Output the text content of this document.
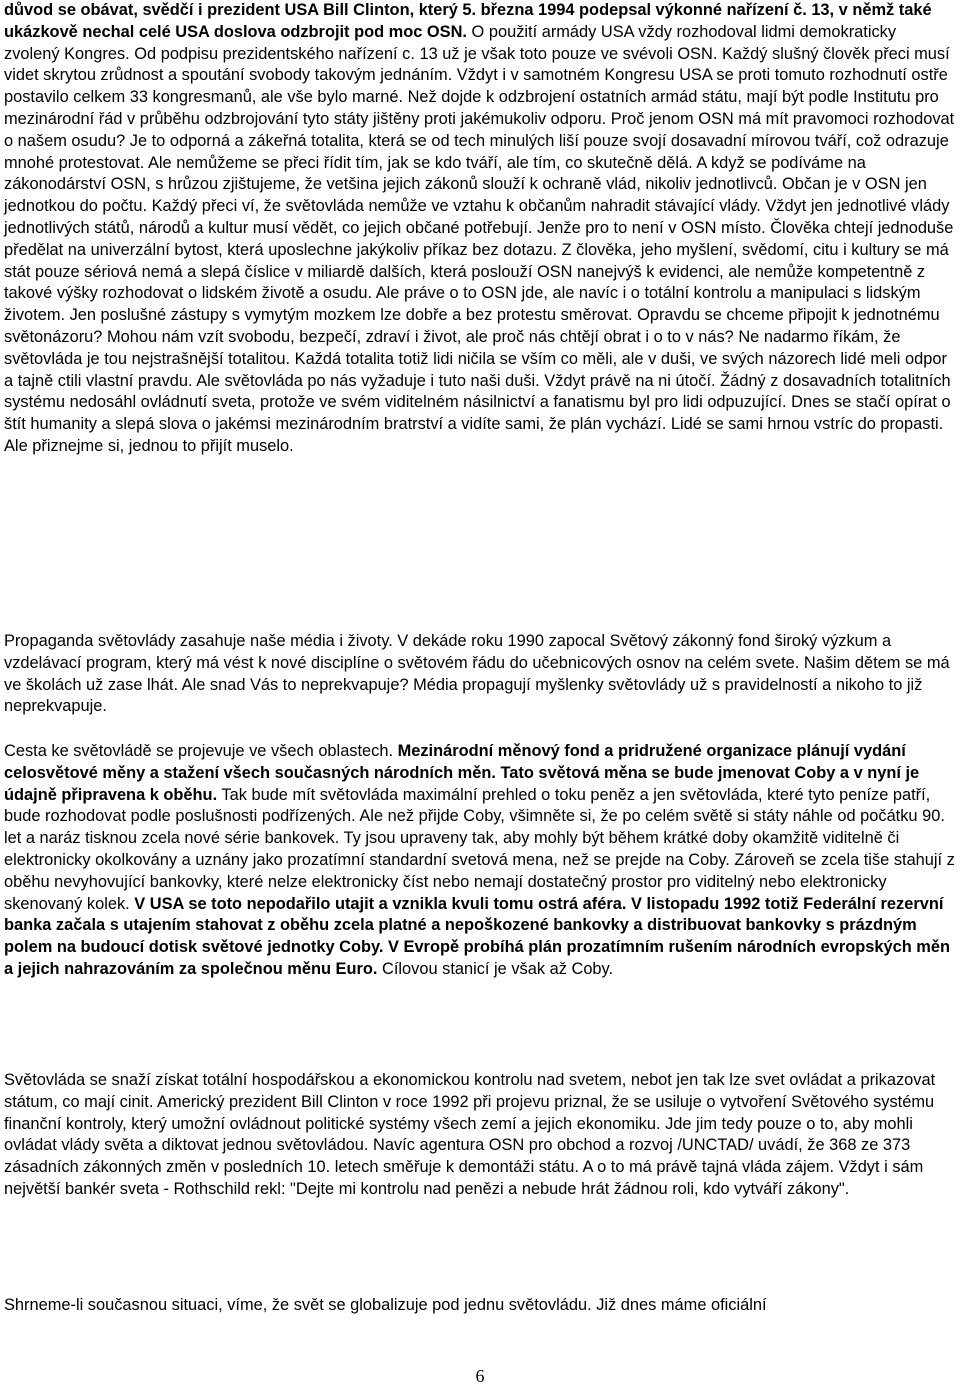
důvod se obávat, svědčí i prezident USA Bill Clinton, který 5. března 1994 podepsal výkonné nařízení č. 13, v němž také ukázkově nechal celé USA doslova odzbrojit pod moc OSN. O použití armády USA vždy rozhodoval lidmi demokraticky zvolený Kongres. Od podpisu prezidentského nařízení c. 13 už je však toto pouze ve svévoli OSN. Každý slušný člověk přeci musí videt skrytou zrůdnost a spoutání svobody takovým jednáním. Vždyt i v samotném Kongresu USA se proti tomuto rozhodnutí ostře postavilo celkem 33 kongresmanů, ale vše bylo marné. Než dojde k odzbrojení ostatních armád státu, mají být podle Institutu pro mezinárodní řád v průběhu odzbrojování tyto státy jištěny proti jakémukoliv odporu. Proč jenom OSN má mít pravomoci rozhodovat o našem osudu? Je to odporná a zákeřná totalita, která se od tech minulých liší pouze svojí dosavadní mírovou tváří, což odrazuje mnohé protestovat. Ale nemůžeme se přeci řídit tím, jak se kdo tváří, ale tím, co skutečně dělá. A když se podíváme na zákonodárství OSN, s hrůzou zjištujeme, že vetšina jejich zákonů slouží k ochraně vlád, nikoliv jednotlivců. Občan je v OSN jen jednotkou do počtu. Každý přeci ví, že světovláda nemůže ve vztahu k občanům nahradit stávající vlády. Vždyt jen jednotlivé vlády jednotlivých států, národů a kultur musí vědět, co jejich občané potřebují. Jenže pro to není v OSN místo. Člověka chtejí jednoduše předělat na univerzální bytost, která uposlechne jakýkoliv příkaz bez dotazu. Z člověka, jeho myšlení, svědomí, citu i kultury se má stát pouze sériová nemá a slepá číslice v miliardě dalších, která poslouží OSN nanejvýš k evidenci, ale nemůže kompetentně z takové výšky rozhodovat o lidském životě a osudu. Ale práve o to OSN jde, ale navíc i o totální kontrolu a manipulaci s lidským životem. Jen poslušné zástupy s vymytým mozkem lze dobře a bez protestu směrovat. Opravdu se chceme připojit k jednotnému světonázoru? Mohou nám vzít svobodu, bezpečí, zdraví i život, ale proč nás chtějí obrat i o to v nás? Ne nadarmo říkám, že světovláda je tou nejstrašnější totalitou. Každá totalita totiž lidi ničila se vším co měli, ale v duši, ve svých názorech lidé meli odpor a tajně ctili vlastní pravdu. Ale světovláda po nás vyžaduje i tuto naši duši. Vždyt právě na ni útočí. Žádný z dosavadních totalitních systému nedosáhl ovládnutí sveta, protože ve svém viditelném násilnictví a fanatismu byl pro lidi odpuzující. Dnes se stačí opírat o štít humanity a slepá slova o jakémsi mezinárodním bratrství a vidíte sami, že plán vychází. Lidé se sami hrnou vstríc do propasti. Ale přiznejme si, jednou to přijít muselo.

Propaganda světovlády zasahuje naše média i životy. V dekáde roku 1990 zapocal Světový zákonný fond široký výzkum a vzdelávací program, který má vést k nové disciplíne o světovém řádu do učebnicových osnov na celém svete. Našim dětem se má ve školách už zase lhát. Ale snad Vás to neprekvapuje? Média propagují myšlenky světovlády už s pravidelností a nikoho to již neprekvapuje.

Cesta ke světovládě se projevuje ve všech oblastech. Mezinárodní měnový fond a pridružené organizace plánují vydání celosvětové měny a stažení všech současných národních měn. Tato světová měna se bude jmenovat Coby a v nyní je údajně připravena k oběhu. Tak bude mít světovláda maximální prehled o toku peněz a jen světovláda, které tyto peníze patří, bude rozhodovat podle poslušnosti podřízených. Ale než přijde Coby, všimněte si, že po celém světě si státy náhle od počátku 90. let a naráz tisknou zcela nové série bankovek. Ty jsou upraveny tak, aby mohly být během krátké doby okamžitě viditelně či elektronicky okolkovány a uznány jako prozatímní standardní svetová mena, než se prejde na Coby. Zároveň se zcela tiše stahují z oběhu nevyhovující bankovky, které nelze elektronicky číst nebo nemají dostatečný prostor pro viditelný nebo elektronicky skenovaný kolek. V USA se toto nepodařilo utajit a vznikla kvuli tomu ostrá aféra. V listopadu 1992 totiž Federální rezervní banka začala s utajením stahovat z oběhu zcela platné a nepoškozené bankovky a distribuovat bankovky s prázdným polem na budoucí dotisk světové jednotky Coby. V Evropě probíhá plán prozatímním rušením národních evropských měn a jejich nahrazováním za společnou měnu Euro. Cílovou stanicí je však až Coby.

Světovláda se snaží získat totální hospodářskou a ekonomickou kontrolu nad svetem, nebot jen tak lze svet ovládat a prikazovat státum, co mají cinit. Americký prezident Bill Clinton v roce 1992 při projevu priznal, že se usiluje o vytvoření Světového systému finanční kontroly, který umožní ovládnout politické systémy všech zemí a jejich ekonomiku. Jde jim tedy pouze o to, aby mohli ovládat vlády světa a diktovat jednou světovládou. Navíc agentura OSN pro obchod a rozvoj /UNCTAD/ uvádí, že 368 ze 373 zásadních zákonných změn v posledních 10. letech směřuje k demontáži státu. A o to má právě tajná vláda zájem. Vždyt i sám největší bankér sveta - Rothschild rekl: "Dejte mi kontrolu nad penězi a nebude hrát žádnou roli, kdo vytváří zákony".

Shrneme-li současnou situaci, víme, že svět se globalizuje pod jednu světovládu. Již dnes máme oficiální

6
